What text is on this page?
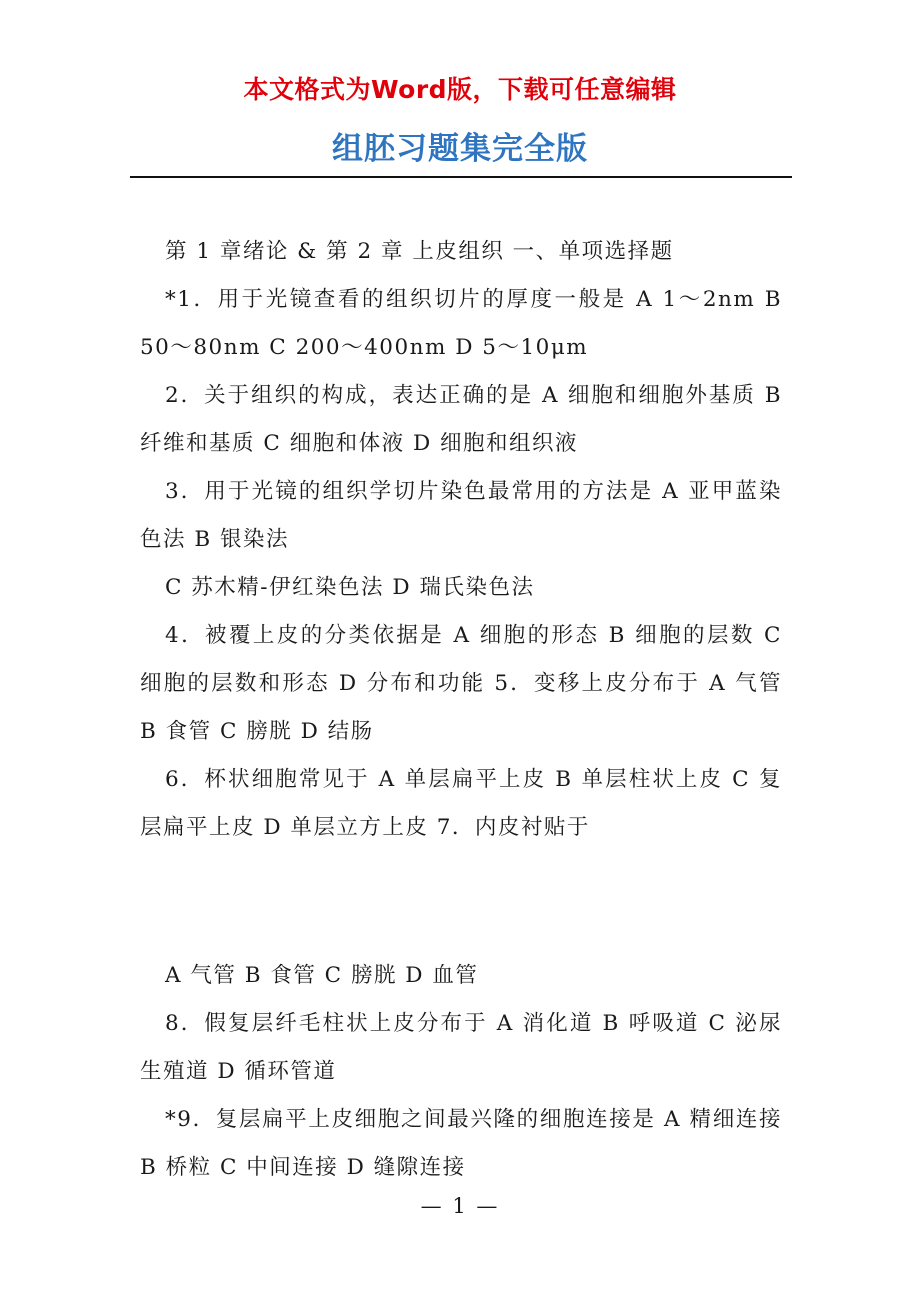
本文格式为Word版，下载可任意编辑
组胚习题集完全版

第 1 章绪论 & 第 2 章 上皮组织 一、单项选择题

*1．用于光镜查看的组织切片的厚度一般是 A 1～2nm B 50～80nm C 200～400nm D 5～10μm

2．关于组织的构成，表达正确的是 A 细胞和细胞外基质 B 纤维和基质 C 细胞和体液 D 细胞和组织液

3．用于光镜的组织学切片染色最常用的方法是 A 亚甲蓝染色法 B 银染法

C 苏木精-伊红染色法 D 瑞氏染色法

4．被覆上皮的分类依据是 A 细胞的形态 B 细胞的层数 C 细胞的层数和形态 D 分布和功能 5．变移上皮分布于 A 气管 B 食管 C 膀胱 D 结肠

6．杯状细胞常见于 A 单层扁平上皮 B 单层柱状上皮 C 复层扁平上皮 D 单层立方上皮 7．内皮衬贴于

A 气管 B 食管 C 膀胱 D 血管

8．假复层纤毛柱状上皮分布于 A 消化道 B 呼吸道 C 泌尿生殖道 D 循环管道

*9．复层扁平上皮细胞之间最兴隆的细胞连接是 A 精细连接 B 桥粒 C 中间连接 D 缝隙连接

— 1 —
